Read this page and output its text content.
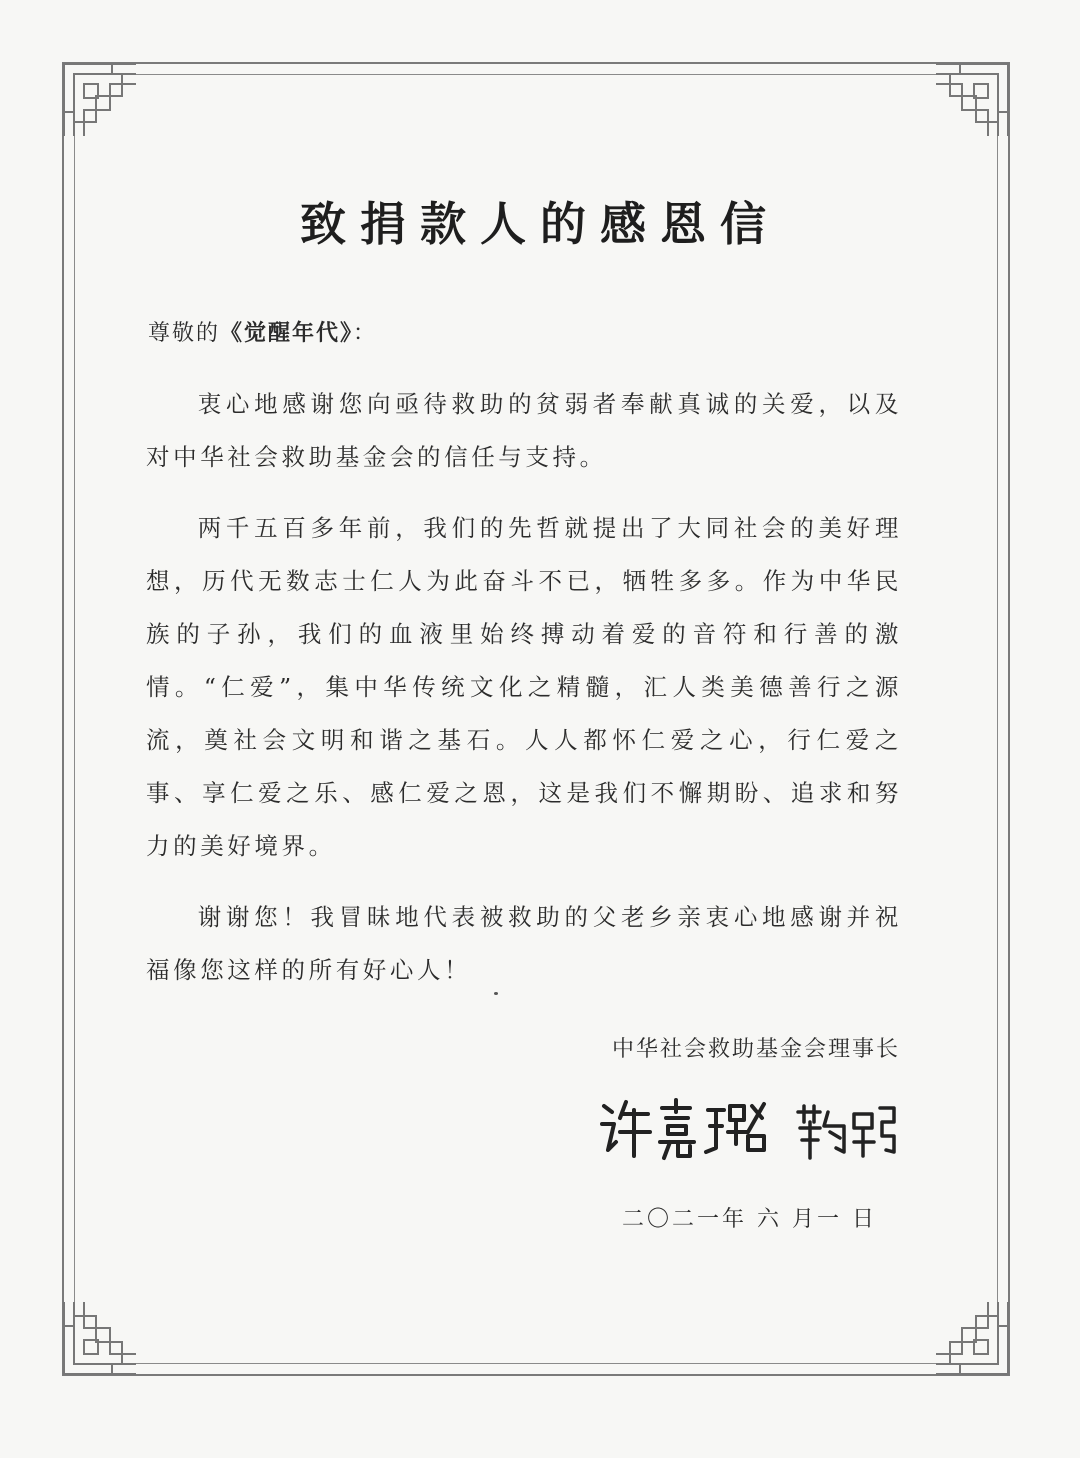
致捐款人的感恩信
尊敬的《觉醒年代》：

衷心地感谢您向亟待救助的贫弱者奉献真诚的关爱，以及对中华社会救助基金会的信任与支持。

两千五百多年前，我们的先哲就提出了大同社会的美好理想，历代无数志士仁人为此奋斗不已，牺牲多多。作为中华民族的子孙，我们的血液里始终搏动着爱的音符和行善的激情。“仁爱”，集中华传统文化之精髓，汇人类美德善行之源流，奠社会文明和谐之基石。人人都怀仁爱之心，行仁爱之事、享仁爱之乐、感仁爱之恩，这是我们不懈期盼、追求和努力的美好境界。

谢谢您！我冒昧地代表被救助的父老乡亲衷心地感谢并祝福像您这样的所有好心人！

中华社会救助基金会理事长
二〇二一年 六 月一 日
